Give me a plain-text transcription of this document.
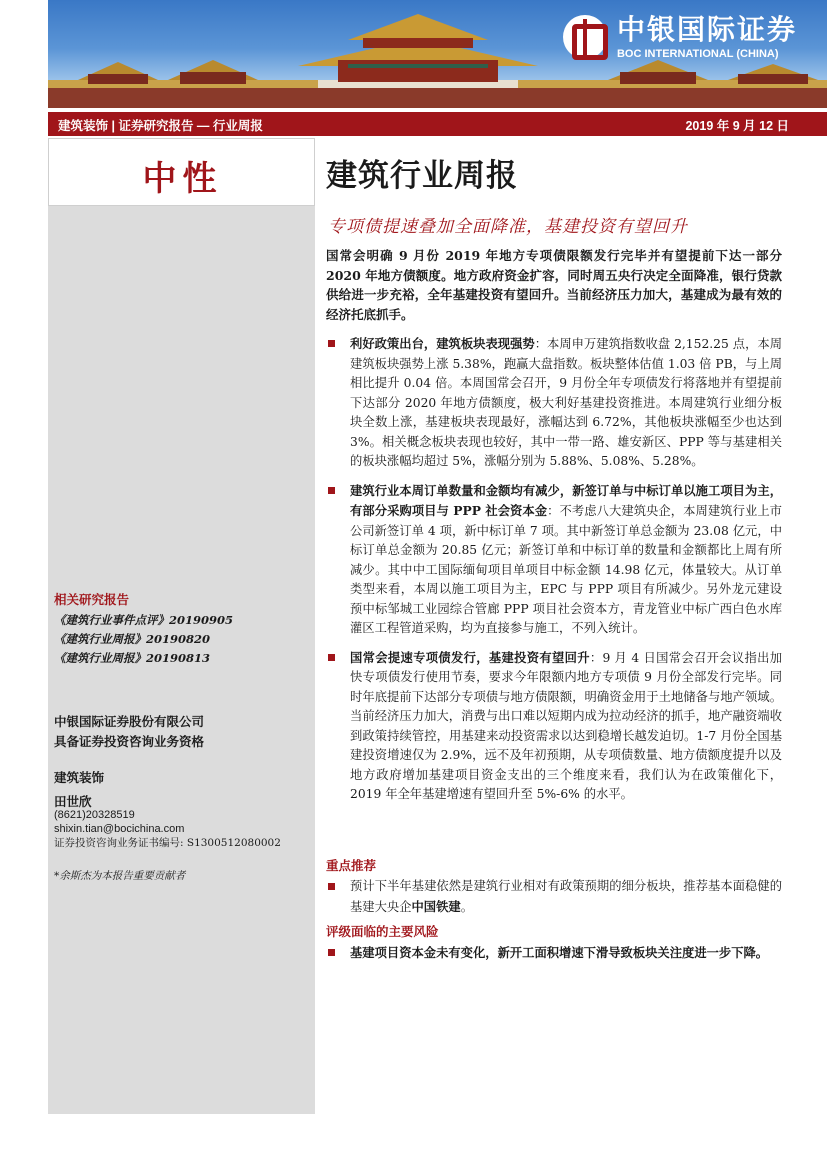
中银国际证券
BOC INTERNATIONAL (CHINA)
建筑装饰 | 证券研究报告 — 行业周报	2019 年 9 月 12 日
中性
相关研究报告
《建筑行业事件点评》20190905
《建筑行业周报》20190820
《建筑行业周报》20190813
中银国际证券股份有限公司
具备证券投资咨询业务资格
建筑装饰
田世欣
(8621)20328519
shixin.tian@bocichina.com
证券投资咨询业务证书编号: S1300512080002
*余斯杰为本报告重要贡献者
建筑行业周报
专项债提速叠加全面降准，基建投资有望回升
国常会明确 9 月份 2019 年地方专项债限额发行完毕并有望提前下达一部分 2020 年地方债额度。地方政府资金扩容，同时周五央行决定全面降准，银行贷款供给进一步充裕，全年基建投资有望回升。当前经济压力加大，基建成为最有效的经济托底抓手。
利好政策出台，建筑板块表现强势：本周申万建筑指数收盘 2,152.25 点，本周建筑板块强势上涨 5.38%，跑赢大盘指数。板块整体估值 1.03 倍 PB，与上周相比提升 0.04 倍。本周国常会召开，9 月份全年专项债发行将落地并有望提前下达部分 2020 年地方债额度，极大利好基建投资推进。本周建筑行业细分板块全数上涨，基建板块表现最好，涨幅达到 6.72%，其他板块涨幅至少也达到 3%。相关概念板块表现也较好，其中一带一路、雄安新区、PPP 等与基建相关的板块涨幅均超过 5%，涨幅分别为 5.88%、5.08%、5.28%。
建筑行业本周订单数量和金额均有减少，新签订单与中标订单以施工项目为主，有部分采购项目与 PPP 社会资本金：不考虑八大建筑央企，本周建筑行业上市公司新签订单 4 项，新中标订单 7 项。其中新签订单总金额为 23.08 亿元，中标订单总金额为 20.85 亿元；新签订单和中标订单的数量和金额都比上周有所减少。其中中工国际缅甸项目单项目中标金额 14.98 亿元，体量较大。从订单类型来看，本周以施工项目为主，EPC 与 PPP 项目有所减少。另外龙元建设预中标邹城工业园综合管廊 PPP 项目社会资本方，青龙管业中标广西白色水库灌区工程管道采购，均为直接参与施工，不列入统计。
国常会提速专项债发行，基建投资有望回升：9 月 4 日国常会召开会议指出加快专项债发行使用节奏，要求今年限额内地方专项债 9 月份全部发行完毕。同时年底提前下达部分专项债与地方债限额，明确资金用于土地储备与地产领域。当前经济压力加大，消费与出口难以短期内成为拉动经济的抓手，地产融资端收到政策持续管控，用基建来动投资需求以达到稳增长越发迫切。1-7 月份全国基建投资增速仅为 2.9%，远不及年初预期，从专项债数量、地方债额度提升以及地方政府增加基建项目资金支出的三个维度来看，我们认为在政策催化下，2019 年全年基建增速有望回升至 5%-6% 的水平。
重点推荐
预计下半年基建依然是建筑行业相对有政策预期的细分板块，推荐基本面稳健的基建大央企中国铁建。
评级面临的主要风险
基建项目资本金未有变化，新开工面积增速下滑导致板块关注度进一步下降。
